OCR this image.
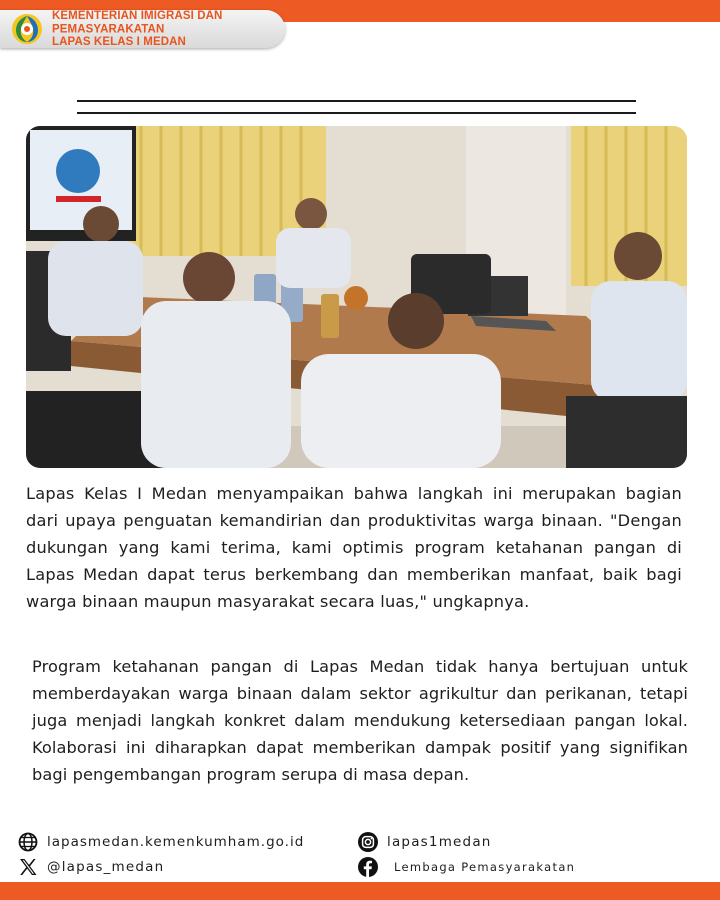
KEMENTERIAN IMIGRASI DAN PEMASYARAKATAN
LAPAS KELAS I MEDAN

Lapas Kelas I Medan menyampaikan bahwa langkah ini merupakan bagian dari upaya penguatan kemandirian dan produktivitas warga binaan. "Dengan dukungan yang kami terima, kami optimis program ketahanan pangan di Lapas Medan dapat terus berkembang dan memberikan manfaat, baik bagi warga binaan maupun masyarakat secara luas," ungkapnya.

Program ketahanan pangan di Lapas Medan tidak hanya bertujuan untuk memberdayakan warga binaan dalam sektor agrikultur dan perikanan, tetapi juga menjadi langkah konkret dalam mendukung ketersediaan pangan lokal. Kolaborasi ini diharapkan dapat memberikan dampak positif yang signifikan bagi pengembangan program serupa di masa depan.

lapasmedan.kemenkumham.go.id
@lapas_medan
lapas1medan
Lembaga Pemasyarakatan
